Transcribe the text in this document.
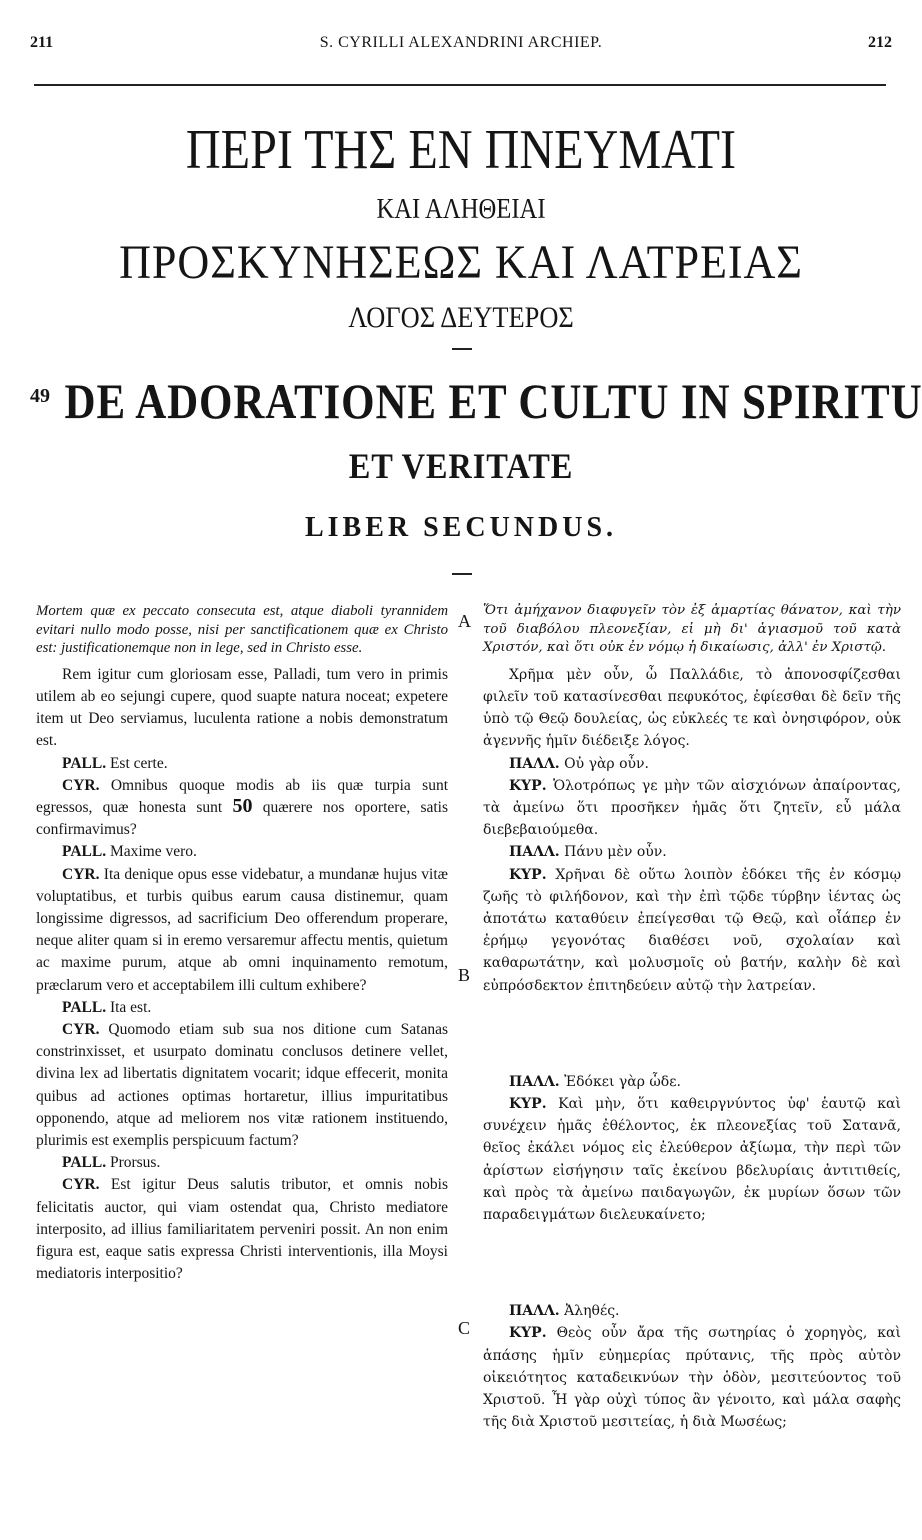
211	S. CYRILLI ALEXANDRINI ARCHIEP.	212
ΠΕΡΙ ΤΗΣ ΕΝ ΠΝΕΥΜΑΤΙ
ΚΑΙ ΑΛΗΘΕΙΑΙ
ΠΡΟΣΚΥΝΗΣΕΩΣ ΚΑΙ ΛΑΤΡΕΙΑΣ
ΛΟΓΟΣ ΔΕΥΤΕΡΟΣ
49 DE ADORATIONE ET CULTU IN SPIRITU
ET VERITATE
LIBER SECUNDUS.
A
B
C

Mortem quæ ex peccato consecuta est, atque diaboli tyrannidem evitari nullo modo posse, nisi per sanctificationem quæ ex Christo est: justificationemque non in lege, sed in Christo esse.

Rem igitur cum gloriosam esse, Palladi, tum vero in primis utilem ab eo sejungi cupere, quod suapte natura noceat; expetere item ut Deo serviamus, luculenta ratione a nobis demonstratum est.

PALL. Est certe.

CYR. Omnibus quoque modis ab iis quæ turpia sunt egressos, quæ honesta sunt 50 quærere nos oportere, satis confirmavimus?

PALL. Maxime vero.

CYR. Ita denique opus esse videbatur, a mundanæ hujus vitæ voluptatibus, et turbis quibus earum causa distinemur, quam longissime digressos, ad sacrificium Deo offerendum properare, neque aliter quam si in eremo versaremur affectu mentis, quietum ac maxime purum, atque ab omni inquinamento remotum, præclarum vero et acceptabilem illi cultum exhibere?

PALL. Ita est.

CYR. Quomodo etiam sub sua nos ditione cum Satanas constrinxisset, et usurpato dominatu conclusos detinere vellet, divina lex ad libertatis dignitatem vocarit; idque effecerit, monita quibus ad actiones optimas hortaretur, illius impuritatibus opponendo, atque ad meliorem nos vitæ rationem instituendo, plurimis est exemplis perspicuum factum?

PALL. Prorsus.

CYR. Est igitur Deus salutis tributor, et omnis nobis felicitatis auctor, qui viam ostendat qua, Christo mediatore interposito, ad illius familiaritatem perveniri possit. An non enim figura est, eaque satis expressa Christi interventionis, illa Moysi mediatoris interpositio?

Ὅτι ἀμήχανον διαφυγεῖν τὸν ἐξ ἁμαρτίας θάνατον, καὶ τὴν τοῦ διαβόλου πλεονεξίαν, εἰ μὴ δι' ἁγιασμοῦ τοῦ κατὰ Χριστόν, καὶ ὅτι οὐκ ἐν νόμῳ ἡ δικαίωσις, ἀλλ' ἐν Χριστῷ.

Χρῆμα μὲν οὖν, ὦ Παλλάδιε, τὸ ἀπονοσφίζεσθαι φιλεῖν τοῦ κατασίνεσθαι πεφυκότος, ἐφίεσθαι δὲ δεῖν τῆς ὑπὸ τῷ Θεῷ δουλείας, ὡς εὐκλεές τε καὶ ὀνησιφόρον, οὐκ ἀγεννῆς ἡμῖν διέδειξε λόγος.

ΠΑΛΛ. Οὐ γὰρ οὖν.

ΚΥΡ. Ὁλοτρόπως γε μὴν τῶν αἰσχιόνων ἀπαίροντας, τὰ ἀμείνω ὅτι προσῆκεν ἡμᾶς ὅτι ζητεῖν, εὖ μάλα διεβεβαιούμεθα.

ΠΑΛΛ. Πάνυ μὲν οὖν.

ΚΥΡ. Χρῆναι δὲ οὕτω λοιπὸν ἐδόκει τῆς ἐν κόσμῳ ζωῆς τὸ φιλήδονον, καὶ τὴν ἐπὶ τῷδε τύρβην ἰέντας ὡς ἀποτάτω καταθύειν ἐπείγεσθαι τῷ Θεῷ, καὶ οἷάπερ ἐν ἐρήμῳ γεγονότας διαθέσει νοῦ, σχολαίαν καὶ καθαρωτάτην, καὶ μολυσμοῖς οὐ βατήν, καλὴν δὲ καὶ εὐπρόσδεκτον ἐπιτηδεύειν αὐτῷ τὴν λατρείαν.

ΠΑΛΛ. Ἐδόκει γὰρ ὧδε.

ΚΥΡ. Καὶ μὴν, ὅτι καθειργνύντος ὑφ' ἑαυτῷ καὶ συνέχειν ἡμᾶς ἐθέλοντος, ἐκ πλεονεξίας τοῦ Σατανᾶ, θεῖος ἐκάλει νόμος εἰς ἐλεύθερον ἀξίωμα, τὴν περὶ τῶν ἀρίστων εἰσήγησιν ταῖς ἐκείνου βδελυρίαις ἀντιτιθείς, καὶ πρὸς τὰ ἀμείνω παιδαγωγῶν, ἐκ μυρίων ὅσων τῶν παραδειγμάτων διελευκαίνετο;

ΠΑΛΛ. Ἀληθές.

ΚΥΡ. Θεὸς οὖν ἄρα τῆς σωτηρίας ὁ χορηγὸς, καὶ ἁπάσης ἡμῖν εὐημερίας πρύτανις, τῆς πρὸς αὐτὸν οἰκειότητος καταδεικνύων τὴν ὁδὸν, μεσιτεύοντος τοῦ Χριστοῦ. Ἦ γὰρ οὐχὶ τύπος ἂν γένοιτο, καὶ μάλα σαφὴς τῆς διὰ Χριστοῦ μεσιτείας, ἡ διὰ Μωσέως;
